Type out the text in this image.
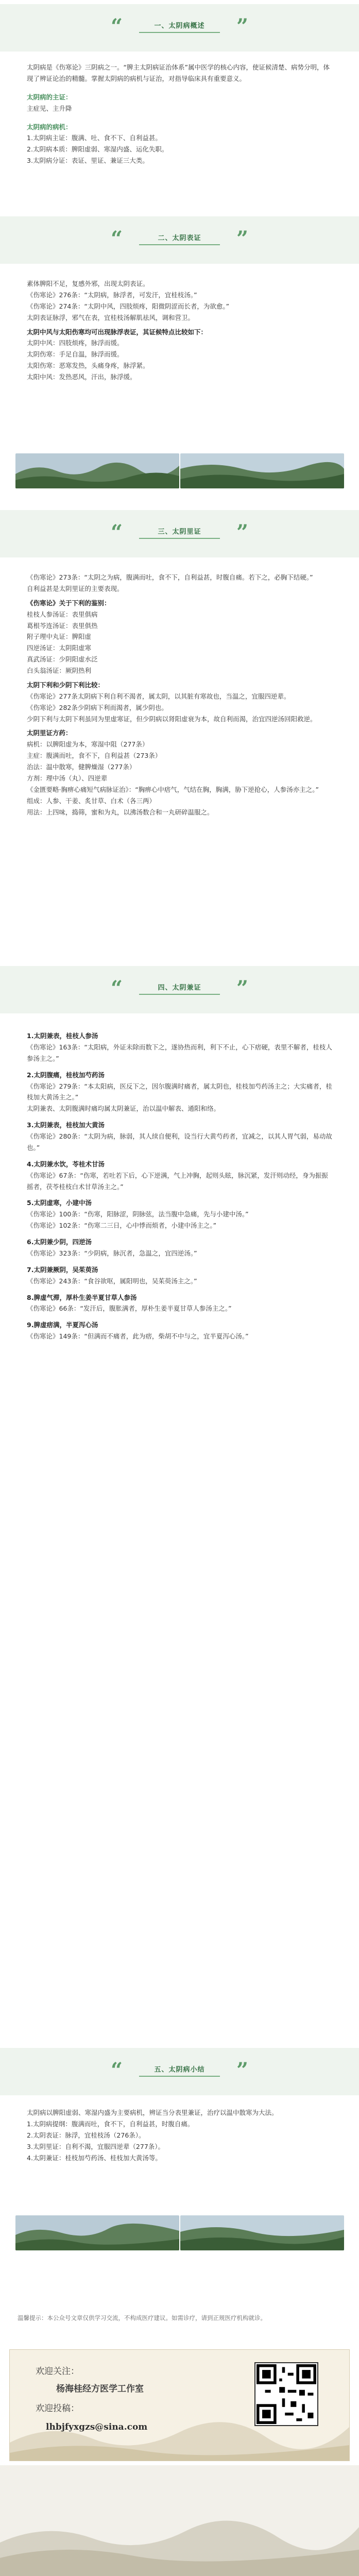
“	一、太阴病概述	”

太阴病是《伤寒论》三阴病之一。“脾主太阴病证治体系”属中医学的核心内容，使证候清楚、病势分明，体现了辨证论治的精髓。掌握太阴病的病机与证治，对指导临床具有重要意义。

太阴病的主证：

主症见、主升降

太阴病的病机：

1.太阴病主证：腹满、吐、食不下、自利益甚。

2.太阴病本质：脾阳虚弱、寒湿内盛、运化失职。

3.太阴病分证：表证、里证、兼证三大类。

“	二、太阴表证	”

素体脾阳不足，复感外邪，出现太阴表证。

《伤寒论》276条：“太阴病，脉浮者，可发汗，宜桂枝汤。”

《伤寒论》274条：“太阴中风，四肢烦疼，阳微阴涩而长者，为欲愈。”

太阴表证脉浮，邪气在表，宜桂枝汤解肌祛风，调和营卫。

太阴中风与太阳伤寒均可出现脉浮表证，其证候特点比较如下：

太阴中风：四肢烦疼，脉浮而缓。

太阴伤寒：手足自温，脉浮而缓。

太阳伤寒：恶寒发热，头痛身疼，脉浮紧。

太阳中风：发热恶风，汗出，脉浮缓。

“	三、太阴里证	”

《伤寒论》273条：“太阴之为病，腹满而吐，食不下，自利益甚，时腹自痛。若下之，必胸下结硬。”

自利益甚是太阴里证的主要表现。

《伤寒论》关于下利的鉴别：

桂枝人参汤证：表里俱病

葛根芩连汤证：表里俱热

附子理中丸证：脾阳虚

四逆汤证：太阴阳虚寒

真武汤证：少阴阳虚水泛

白头翁汤证：厥阴热利

太阴下利和少阴下利比较：

《伤寒论》277条太阴病下利自利不渴者，属太阴，以其脏有寒故也，当温之，宜服四逆辈。

《伤寒论》282条少阴病下利而渴者，属少阴也。

少阴下利与太阴下利虽同为里虚寒证，但少阴病以肾阳虚衰为本，故自利而渴，治宜四逆汤回阳救逆。

太阴里证方药：

病机：以脾阳虚为本，寒湿中阻（277条）

主症：腹满而吐，食不下，自利益甚（273条）

治法：温中散寒，健脾燥湿（277条）

方剂：理中汤（丸）、四逆辈

《金匮要略·胸痹心痛短气病脉证治》：“胸痹心中痞气，气结在胸，胸满，胁下逆抢心，人参汤亦主之。”

组成：人参、干姜、炙甘草、白术（各三两）

用法：上四味，捣筛，蜜和为丸，以沸汤数合和一丸研碎温服之。

“	四、太阴兼证	”

1.太阴兼表，桂枝人参汤

《伤寒论》163条：“太阳病，外证未除而数下之，遂协热而利，利下不止，心下痞硬，表里不解者，桂枝人参汤主之。”

2.太阴腹痛，桂枝加芍药汤

《伤寒论》279条：“本太阳病，医反下之，因尔腹满时痛者，属太阴也，桂枝加芍药汤主之；大实痛者，桂枝加大黄汤主之。”

太阴兼表、太阴腹满时痛均属太阴兼证，治以温中解表、通阳和络。

3.太阴兼表，桂枝加大黄汤

《伤寒论》280条：“太阴为病，脉弱，其人续自便利，设当行大黄芍药者，宜减之，以其人胃气弱，易动故也。”

4.太阴兼水饮，苓桂术甘汤

《伤寒论》67条：“伤寒，若吐若下后，心下逆满，气上冲胸，起则头眩，脉沉紧，发汗则动经，身为振振摇者，茯苓桂枝白术甘草汤主之。”

5.太阴虚寒，小建中汤

《伤寒论》100条：“伤寒，阳脉涩，阴脉弦，法当腹中急痛，先与小建中汤。”

《伤寒论》102条：“伤寒二三日，心中悸而烦者，小建中汤主之。”

6.太阴兼少阴，四逆汤

《伤寒论》323条：“少阴病，脉沉者，急温之，宜四逆汤。”

7.太阴兼厥阴，吴茱萸汤

《伤寒论》243条：“食谷欲呕，属阳明也，吴茱萸汤主之。”

8.脾虚气滞，厚朴生姜半夏甘草人参汤

《伤寒论》66条：“发汗后，腹胀满者，厚朴生姜半夏甘草人参汤主之。”

9.脾虚痞满，半夏泻心汤

《伤寒论》149条：“但满而不痛者，此为痞，柴胡不中与之，宜半夏泻心汤。”

“	五、太阴病小结	”

太阴病以脾阳虚弱、寒湿内盛为主要病机，辨证当分表里兼证，治疗以温中散寒为大法。

1.太阴病提纲：腹满而吐，食不下，自利益甚，时腹自痛。

2.太阴表证：脉浮，宜桂枝汤（276条）。

3.太阴里证：自利不渴，宜服四逆辈（277条）。

4.太阴兼证：桂枝加芍药汤、桂枝加大黄汤等。

温馨提示：本公众号文章仅供学习交流，不构成医疗建议。如需诊疗，请到正规医疗机构就诊。
欢迎关注：
杨海桂经方医学工作室
欢迎投稿：
lhbjfyxgzs@sina.com
